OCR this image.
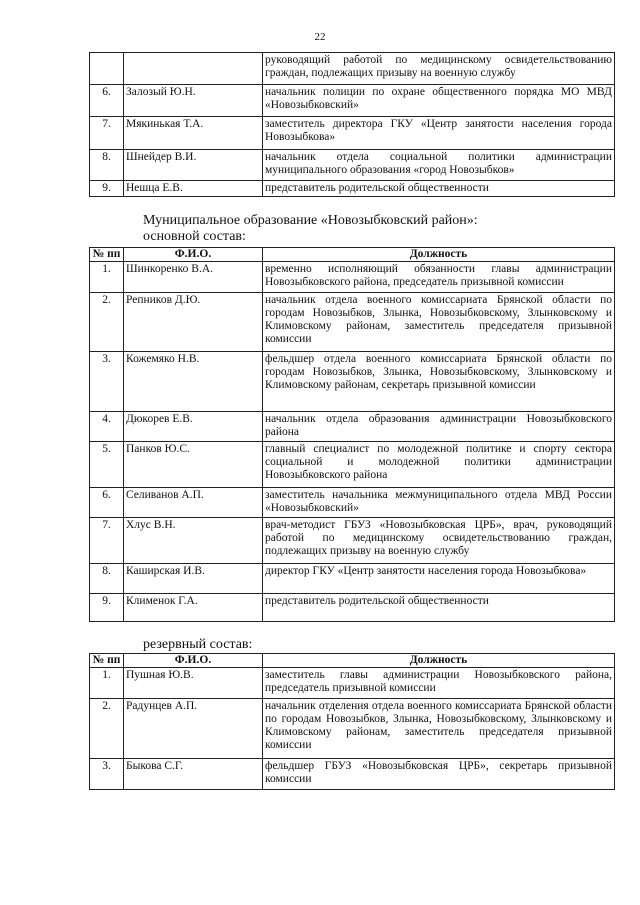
22
		руководящий работой по медицинскому освидетельствованию граждан, подлежащих призыву на военную службу
6.	Залозый Ю.Н.	начальник полиции по охране общественного порядка МО МВД «Новозыбковский»
7.	Мякинькая Т.А.	заместитель директора ГКУ «Центр занятости населения города Новозыбкова»
8.	Шнейдер В.И.	начальник отдела социальной политики администрации муниципального образования «город Новозыбков»
9.	Нешца Е.В.	представитель родительской общественности

Муниципальное образование «Новозыбковский район»:

основной состав:

№ пп	Ф.И.О.	Должность
1.	Шинкоренко В.А.	временно исполняющий обязанности главы администрации Новозыбковского района, председатель призывной комиссии
2.	Репников Д.Ю.	начальник отдела военного комиссариата Брянской области по городам Новозыбков, Злынка, Новозыбковскому, Злынковскому и Климовскому районам, заместитель председателя призывной комиссии
3.	Кожемяко Н.В.	фельдшер отдела военного комиссариата Брянской области по городам Новозыбков, Злынка, Новозыбковскому, Злынковскому и Климовскому районам, секретарь призывной комиссии
4.	Дюкорев Е.В.	начальник отдела образования администрации Новозыбковского района
5.	Панков Ю.С.	главный специалист по молодежной политике и спорту сектора социальной и молодежной политики администрации Новозыбковского района
6.	Селиванов А.П.	заместитель начальника межмуниципального отдела МВД России «Новозыбковский»
7.	Хлус В.Н.	врач-методист ГБУЗ «Новозыбковская ЦРБ», врач, руководящий работой по медицинскому освидетельствованию граждан, подлежащих призыву на военную службу
8.	Каширская И.В.	директор ГКУ «Центр занятости населения города Новозыбкова»
9.	Клименок Г.А.	представитель родительской общественности

резервный состав:

№ пп	Ф.И.О.	Должность
1.	Пушная Ю.В.	заместитель главы администрации Новозыбковского района, председатель призывной комиссии
2.	Радунцев А.П.	начальник отделения отдела военного комиссариата Брянской области по городам Новозыбков, Злынка, Новозыбковскому, Злынковскому и Климовскому районам, заместитель председателя призывной комиссии
3.	Быкова С.Г.	фельдшер ГБУЗ «Новозыбковская ЦРБ», секретарь призывной комиссии
